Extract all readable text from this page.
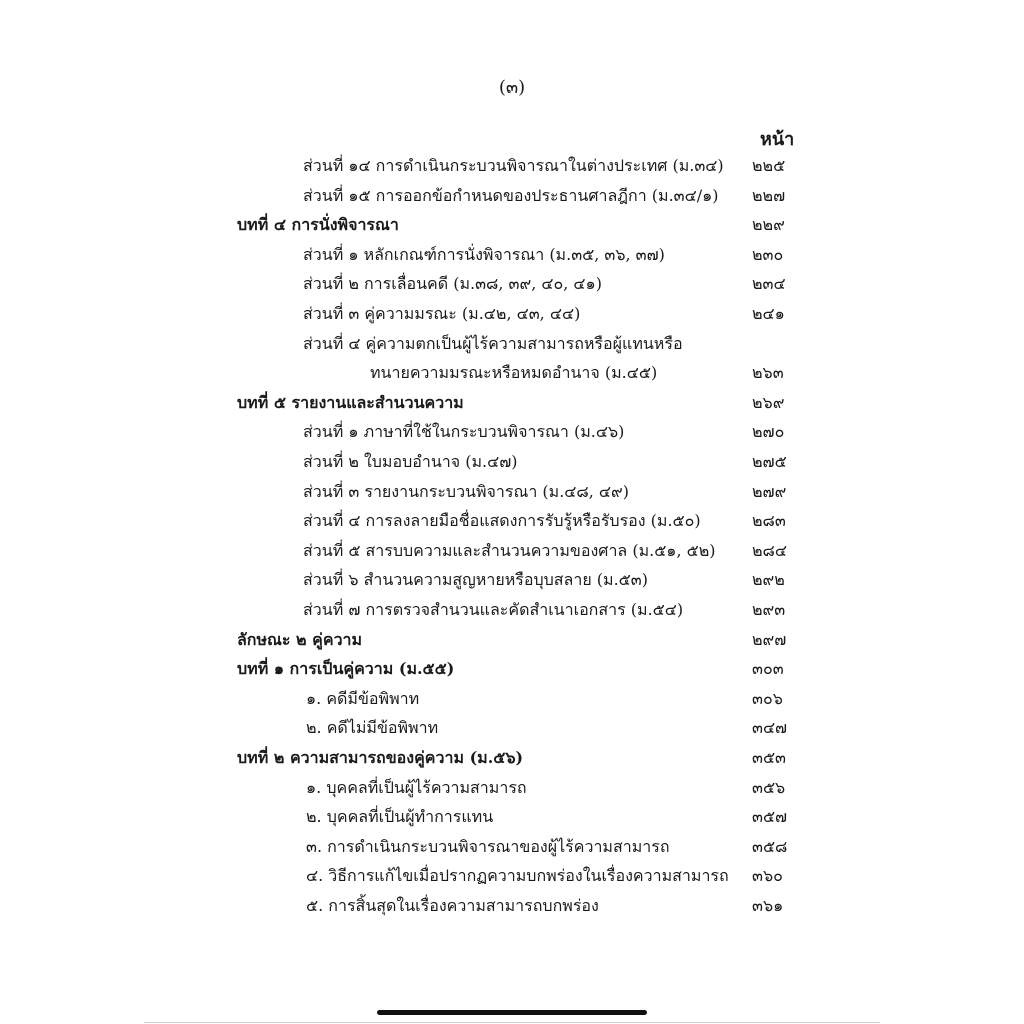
(๓)
หน้า
ส่วนที่ ๑๔ การดำเนินกระบวนพิจารณาในต่างประเทศ (ม.๓๔) ๒๒๕
ส่วนที่ ๑๕ การออกข้อกำหนดของประธานศาลฎีกา (ม.๓๔/๑) ๒๒๗
บทที่ ๔ การนั่งพิจารณา	๒๒๙
ส่วนที่ ๑ หลักเกณฑ์การนั่งพิจารณา (ม.๓๕, ๓๖, ๓๗)	๒๓๐
ส่วนที่ ๒ การเลื่อนคดี (ม.๓๘, ๓๙, ๔๐, ๔๑)	๒๓๔
ส่วนที่ ๓ คู่ความมรณะ (ม.๔๒, ๔๓, ๔๔)	๒๔๑
ส่วนที่ ๔ คู่ความตกเป็นผู้ไร้ความสามารถหรือผู้แทนหรือ
ทนายความมรณะหรือหมดอำนาจ (ม.๔๕)	๒๖๓
บทที่ ๕ รายงานและสำนวนความ	๒๖๙
ส่วนที่ ๑ ภาษาที่ใช้ในกระบวนพิจารณา (ม.๔๖)	๒๗๐
ส่วนที่ ๒ ใบมอบอำนาจ (ม.๔๗)	๒๗๕
ส่วนที่ ๓ รายงานกระบวนพิจารณา (ม.๔๘, ๔๙)	๒๗๙
ส่วนที่ ๔ การลงลายมือชื่อแสดงการรับรู้หรือรับรอง (ม.๕๐)	๒๘๓
ส่วนที่ ๕ สารบบความและสำนวนความของศาล (ม.๕๑, ๕๒) ๒๘๔
ส่วนที่ ๖ สำนวนความสูญหายหรือบุบสลาย (ม.๕๓)	๒๙๒
ส่วนที่ ๗ การตรวจสำนวนและคัดสำเนาเอกสาร (ม.๕๔)	๒๙๓
ลักษณะ ๒ คู่ความ	๒๙๗
บทที่ ๑ การเป็นคู่ความ (ม.๕๕)	๓๐๓
๑. คดีมีข้อพิพาท	๓๐๖
๒. คดีไม่มีข้อพิพาท	๓๔๗
บทที่ ๒ ความสามารถของคู่ความ (ม.๕๖)	๓๕๓
๑. บุคคลที่เป็นผู้ไร้ความสามารถ	๓๕๖
๒. บุคคลที่เป็นผู้ทำการแทน	๓๕๗
๓. การดำเนินกระบวนพิจารณาของผู้ไร้ความสามารถ	๓๕๘
๔. วิธีการแก้ไขเมื่อปรากฏความบกพร่องในเรื่องความสามารถ ๓๖๐
๕. การสิ้นสุดในเรื่องความสามารถบกพร่อง	๓๖๑
